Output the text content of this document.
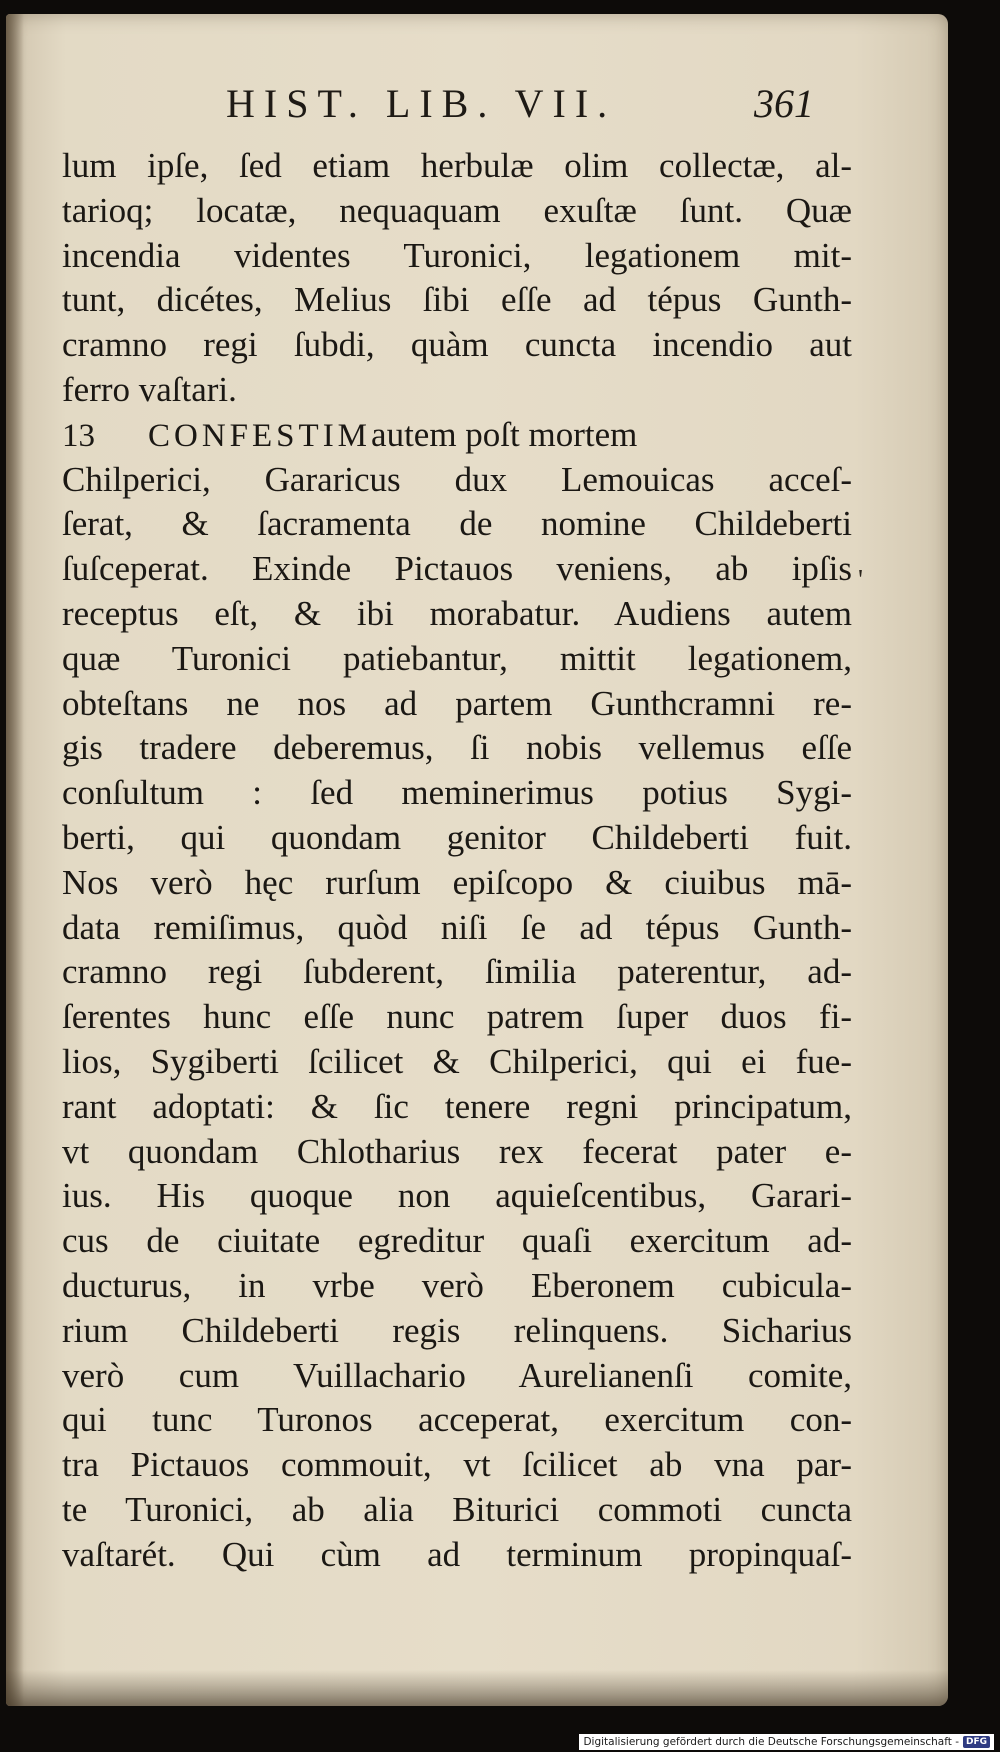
HIST. LIB. VII.	361
lum ipſe, ſed etiam herbulæ olim collectæ, al-
tarioq; locatæ, nequaquam exuſtæ ſunt. Quæ
incendia videntes Turonici, legationem mit-
tunt, dicétes, Melius ſibi eſſe ad tépus Gunth-
cramno regi ſubdi, quàm cuncta incendio aut
ferro vaſtari.
13 CONFESTIMautem poſt mortem
Chilperici, Gararicus dux Lemouicas acceſ-
ſerat, & ſacramenta de nomine Childeberti
ſuſceperat. Exinde Pictauos veniens, ab ipſis
receptus eſt, & ibi morabatur. Audiens autem
quæ Turonici patiebantur, mittit legationem,
obteſtans ne nos ad partem Gunthcramni re-
gis tradere deberemus, ſi nobis vellemus eſſe
conſultum : ſed meminerimus potius Sygi-
berti, qui quondam genitor Childeberti fuit.
Nos verò hęc rurſum epiſcopo & ciuibus mā-
data remiſimus, quòd niſi ſe ad tépus Gunth-
cramno regi ſubderent, ſimilia paterentur, ad-
ſerentes hunc eſſe nunc patrem ſuper duos fi-
lios, Sygiberti ſcilicet & Chilperici, qui ei fue-
rant adoptati: & ſic tenere regni principatum,
vt quondam Chlotharius rex fecerat pater e-
ius. His quoque non aquieſcentibus, Garari-
cus de ciuitate egreditur quaſi exercitum ad-
ducturus, in vrbe verò Eberonem cubicula-
rium Childeberti regis relinquens. Sicharius
verò cum Vuillachario Aurelianenſi comite,
qui tunc Turonos acceperat, exercitum con-
tra Pictauos commouit, vt ſcilicet ab vna par-
te Turonici, ab alia Biturici commoti cuncta
vaſtarét. Qui cùm ad terminum propinquaſ-
'
Digitalisierung gefördert durch die Deutsche Forschungsgemeinschaft - DFG
